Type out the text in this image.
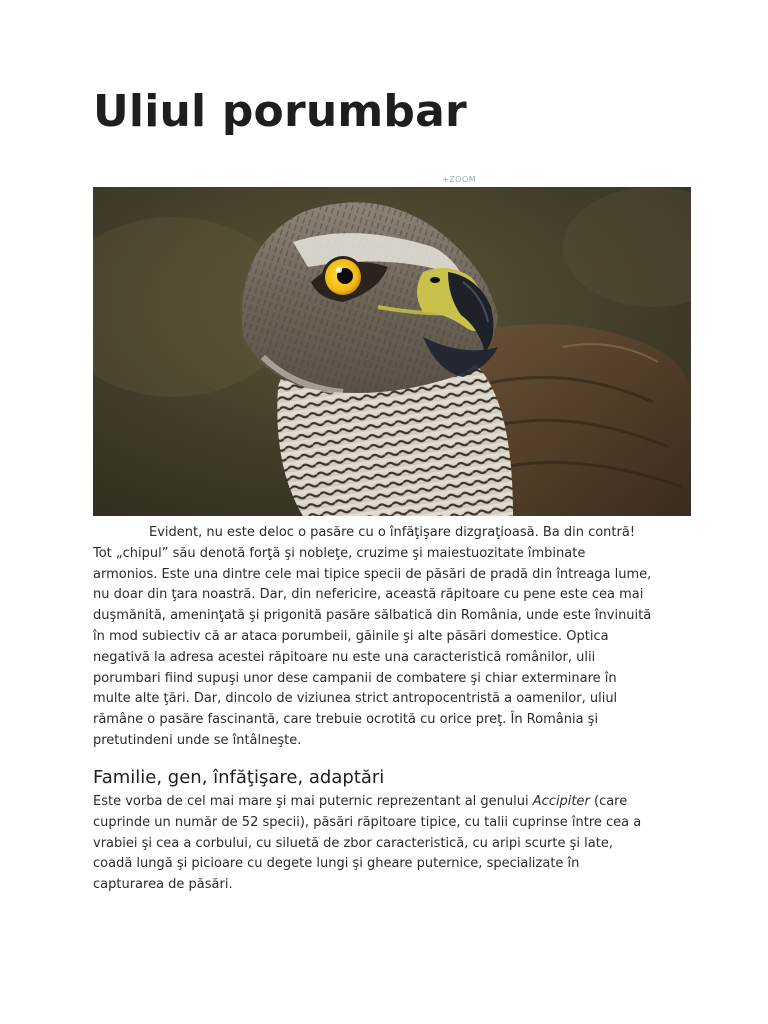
Uliul porumbar
+ZOOM

Evident, nu este deloc o pasăre cu o înfăţişare dizgraţioasă. Ba din contră!
Tot „chipul” său denotă forţă şi nobleţe, cruzime şi maiestuozitate îmbinate
armonios. Este una dintre cele mai tipice specii de păsări de pradă din întreaga lume,
nu doar din ţara noastră. Dar, din nefericire, această răpitoare cu pene este cea mai
duşmănită, ameninţată şi prigonită pasăre sălbatică din România, unde este învinuită
în mod subiectiv că ar ataca porumbeii, găinile şi alte păsări domestice. Optica
negativă la adresa acestei răpitoare nu este una caracteristică românilor, ulii
porumbari fiind supuşi unor dese campanii de combatere şi chiar exterminare în
multe alte ţări. Dar, dincolo de viziunea strict antropocentristă a oamenilor, uliul
rămâne o pasăre fascinantă, care trebuie ocrotită cu orice preţ. În România şi
pretutindeni unde se întâlneşte.

Familie, gen, înfăţişare, adaptări

Este vorba de cel mai mare şi mai puternic reprezentant al genului Accipiter (care
cuprinde un număr de 52 specii), păsări răpitoare tipice, cu talii cuprinse între cea a
vrabiei şi cea a corbului, cu siluetă de zbor caracteristică, cu aripi scurte şi late,
coadă lungă şi picioare cu degete lungi şi gheare puternice, specializate în
capturarea de păsări.
